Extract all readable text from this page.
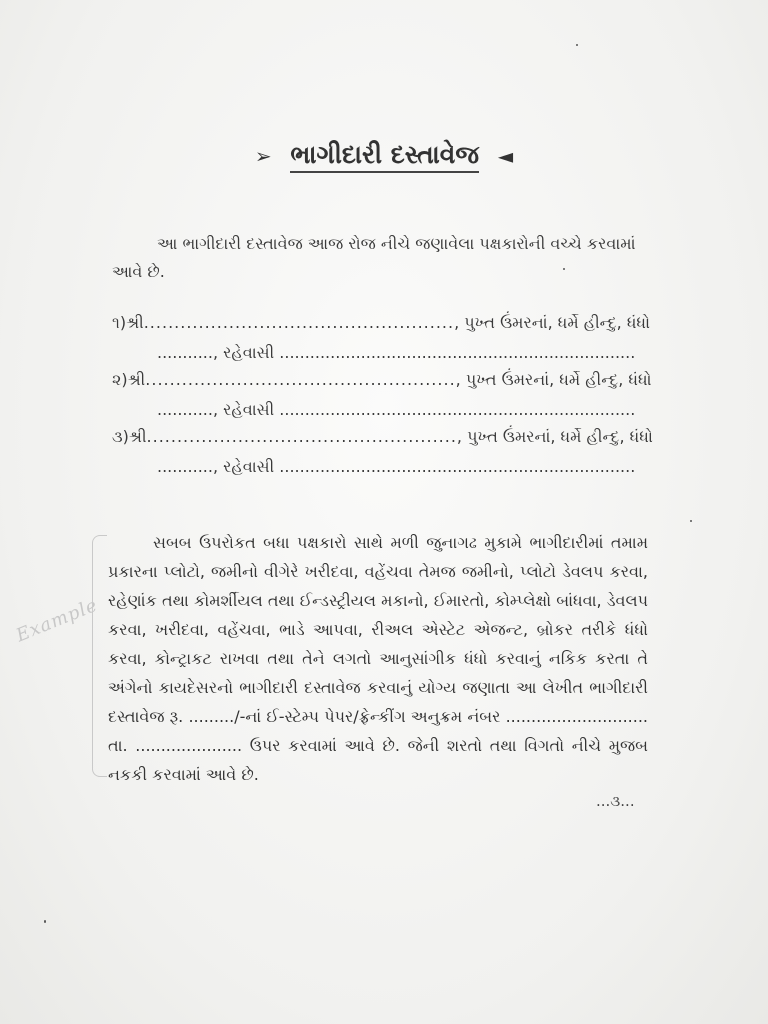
➢ ભાગીદારી દસ્તાવેજ ◄
આ ભાગીદારી દસ્તાવેજ આજ રોજ નીચે જણાવેલા પક્ષકારોની વચ્ચે કરવામાં આવે છે.
૧) શ્રી ................................................... , પુખ્ત ઉંમરનાં, ધર્મે હીન્દુ, ધંધો
..........., રહેવાસી ......................................................................
૨) શ્રી ................................................... , પુખ્ત ઉંમરનાં, ધર્મે હીન્દુ, ધંધો
..........., રહેવાસી ......................................................................
૩) શ્રી ................................................... , પુખ્ત ઉંમરનાં, ધર્મે હીન્દુ, ધંધો
..........., રહેવાસી ......................................................................
Example
સબબ ઉપરોકત બધા પક્ષકારો સાથે મળી જુનાગઢ મુકામે ભાગીદારીમાં તમામ પ્રકારના પ્લોટો, જમીનો વીગેરે ખરીદવા, વહેંચવા તેમજ જમીનો, પ્લોટો ડેવલપ કરવા, રહેણાંક તથા કોમર્શીયલ તથા ઈન્ડસ્ટ્રીયલ મકાનો, ઈમારતો, કોમ્પ્લેક્ષો બાંધવા, ડેવલપ કરવા, ખરીદવા, વહેંચવા, ભાડે આપવા, રીઅલ એસ્ટેટ એજન્ટ, બ્રોકર તરીકે ધંધો કરવા, કોન્ટ્રાકટ રાખવા તથા તેને લગતો આનુસાંગીક ધંધો કરવાનું નકિક કરતા તે અંગેનો કાયદેસરનો ભાગીદારી દસ્તાવેજ કરવાનું યોગ્ય જણાતા આ લેખીત ભાગીદારી દસ્તાવેજ રૂ. ........./-નાં ઈ-સ્ટેમ્પ પેપર/ફ્રેન્કીંગ અનુક્રમ નંબર ............................ તા. ..................... ઉપર કરવામાં આવે છે. જેની શરતો તથા વિગતો નીચે મુજબ નકકી કરવામાં આવે છે.
...૩...
